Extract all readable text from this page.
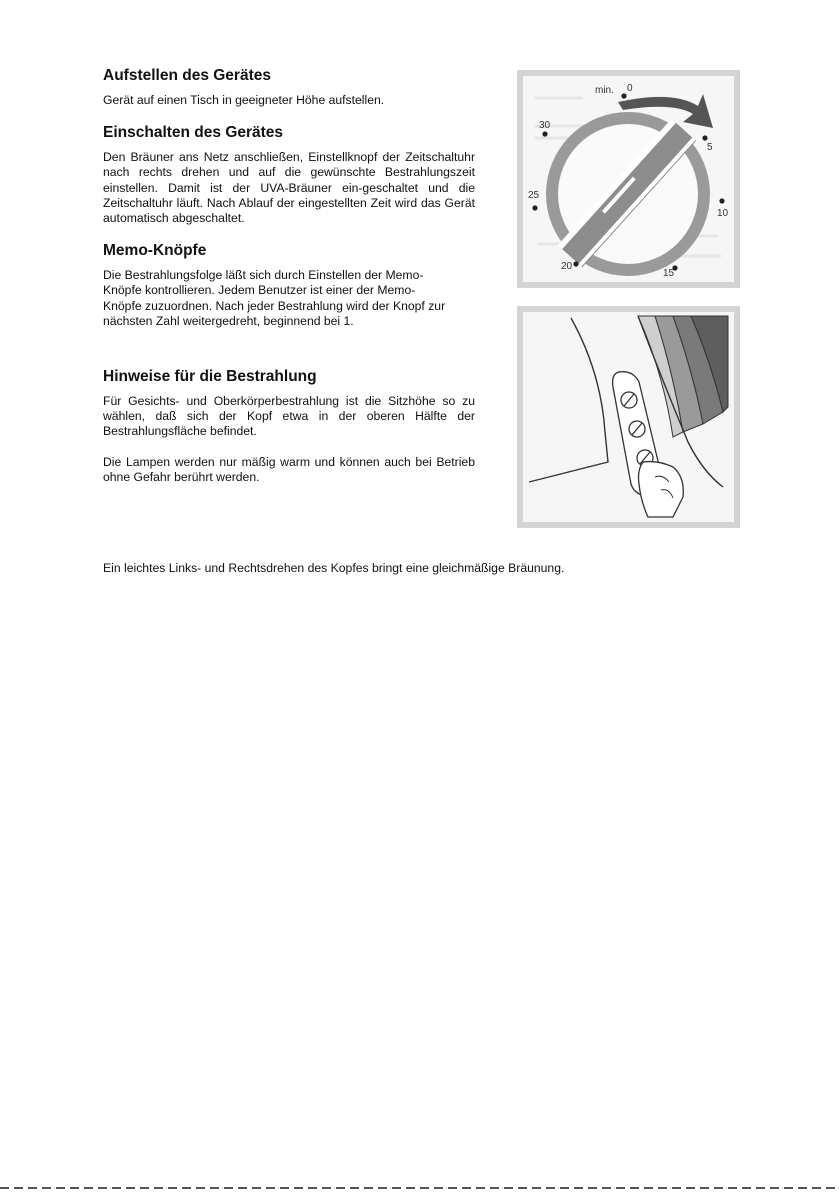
Aufstellen des Gerätes

Gerät auf einen Tisch in geeigneter Höhe aufstellen.

Einschalten des Gerätes

Den Bräuner ans Netz anschließen, Einstellknopf der Zeitschaltuhr nach rechts drehen und auf die gewünschte Bestrahlungszeit einstellen. Damit ist der UVA-Bräuner ein-geschaltet und die Zeitschaltuhr läuft. Nach Ablauf der eingestellten Zeit wird das Gerät automatisch abgeschaltet.

Memo-Knöpfe

Die Bestrahlungsfolge läßt sich durch Einstellen der Memo-Knöpfe kontrollieren. Jedem Benutzer ist einer der Memo-Knöpfe zuzuordnen. Nach jeder Bestrahlung wird der Knopf zur nächsten Zahl weitergedreht, beginnend bei 1.

Hinweise für die Bestrahlung

Für Gesichts- und Oberkörperbestrahlung ist die Sitzhöhe so zu wählen, daß sich der Kopf etwa in der oberen Hälfte der Bestrahlungsfläche befindet.

Die Lampen werden nur mäßig warm und können auch bei Betrieb ohne Gefahr berührt werden.

Ein leichtes Links- und Rechtsdrehen des Kopfes bringt eine gleichmäßige Bräunung.
min. 0
5
10
15
20
25
30
